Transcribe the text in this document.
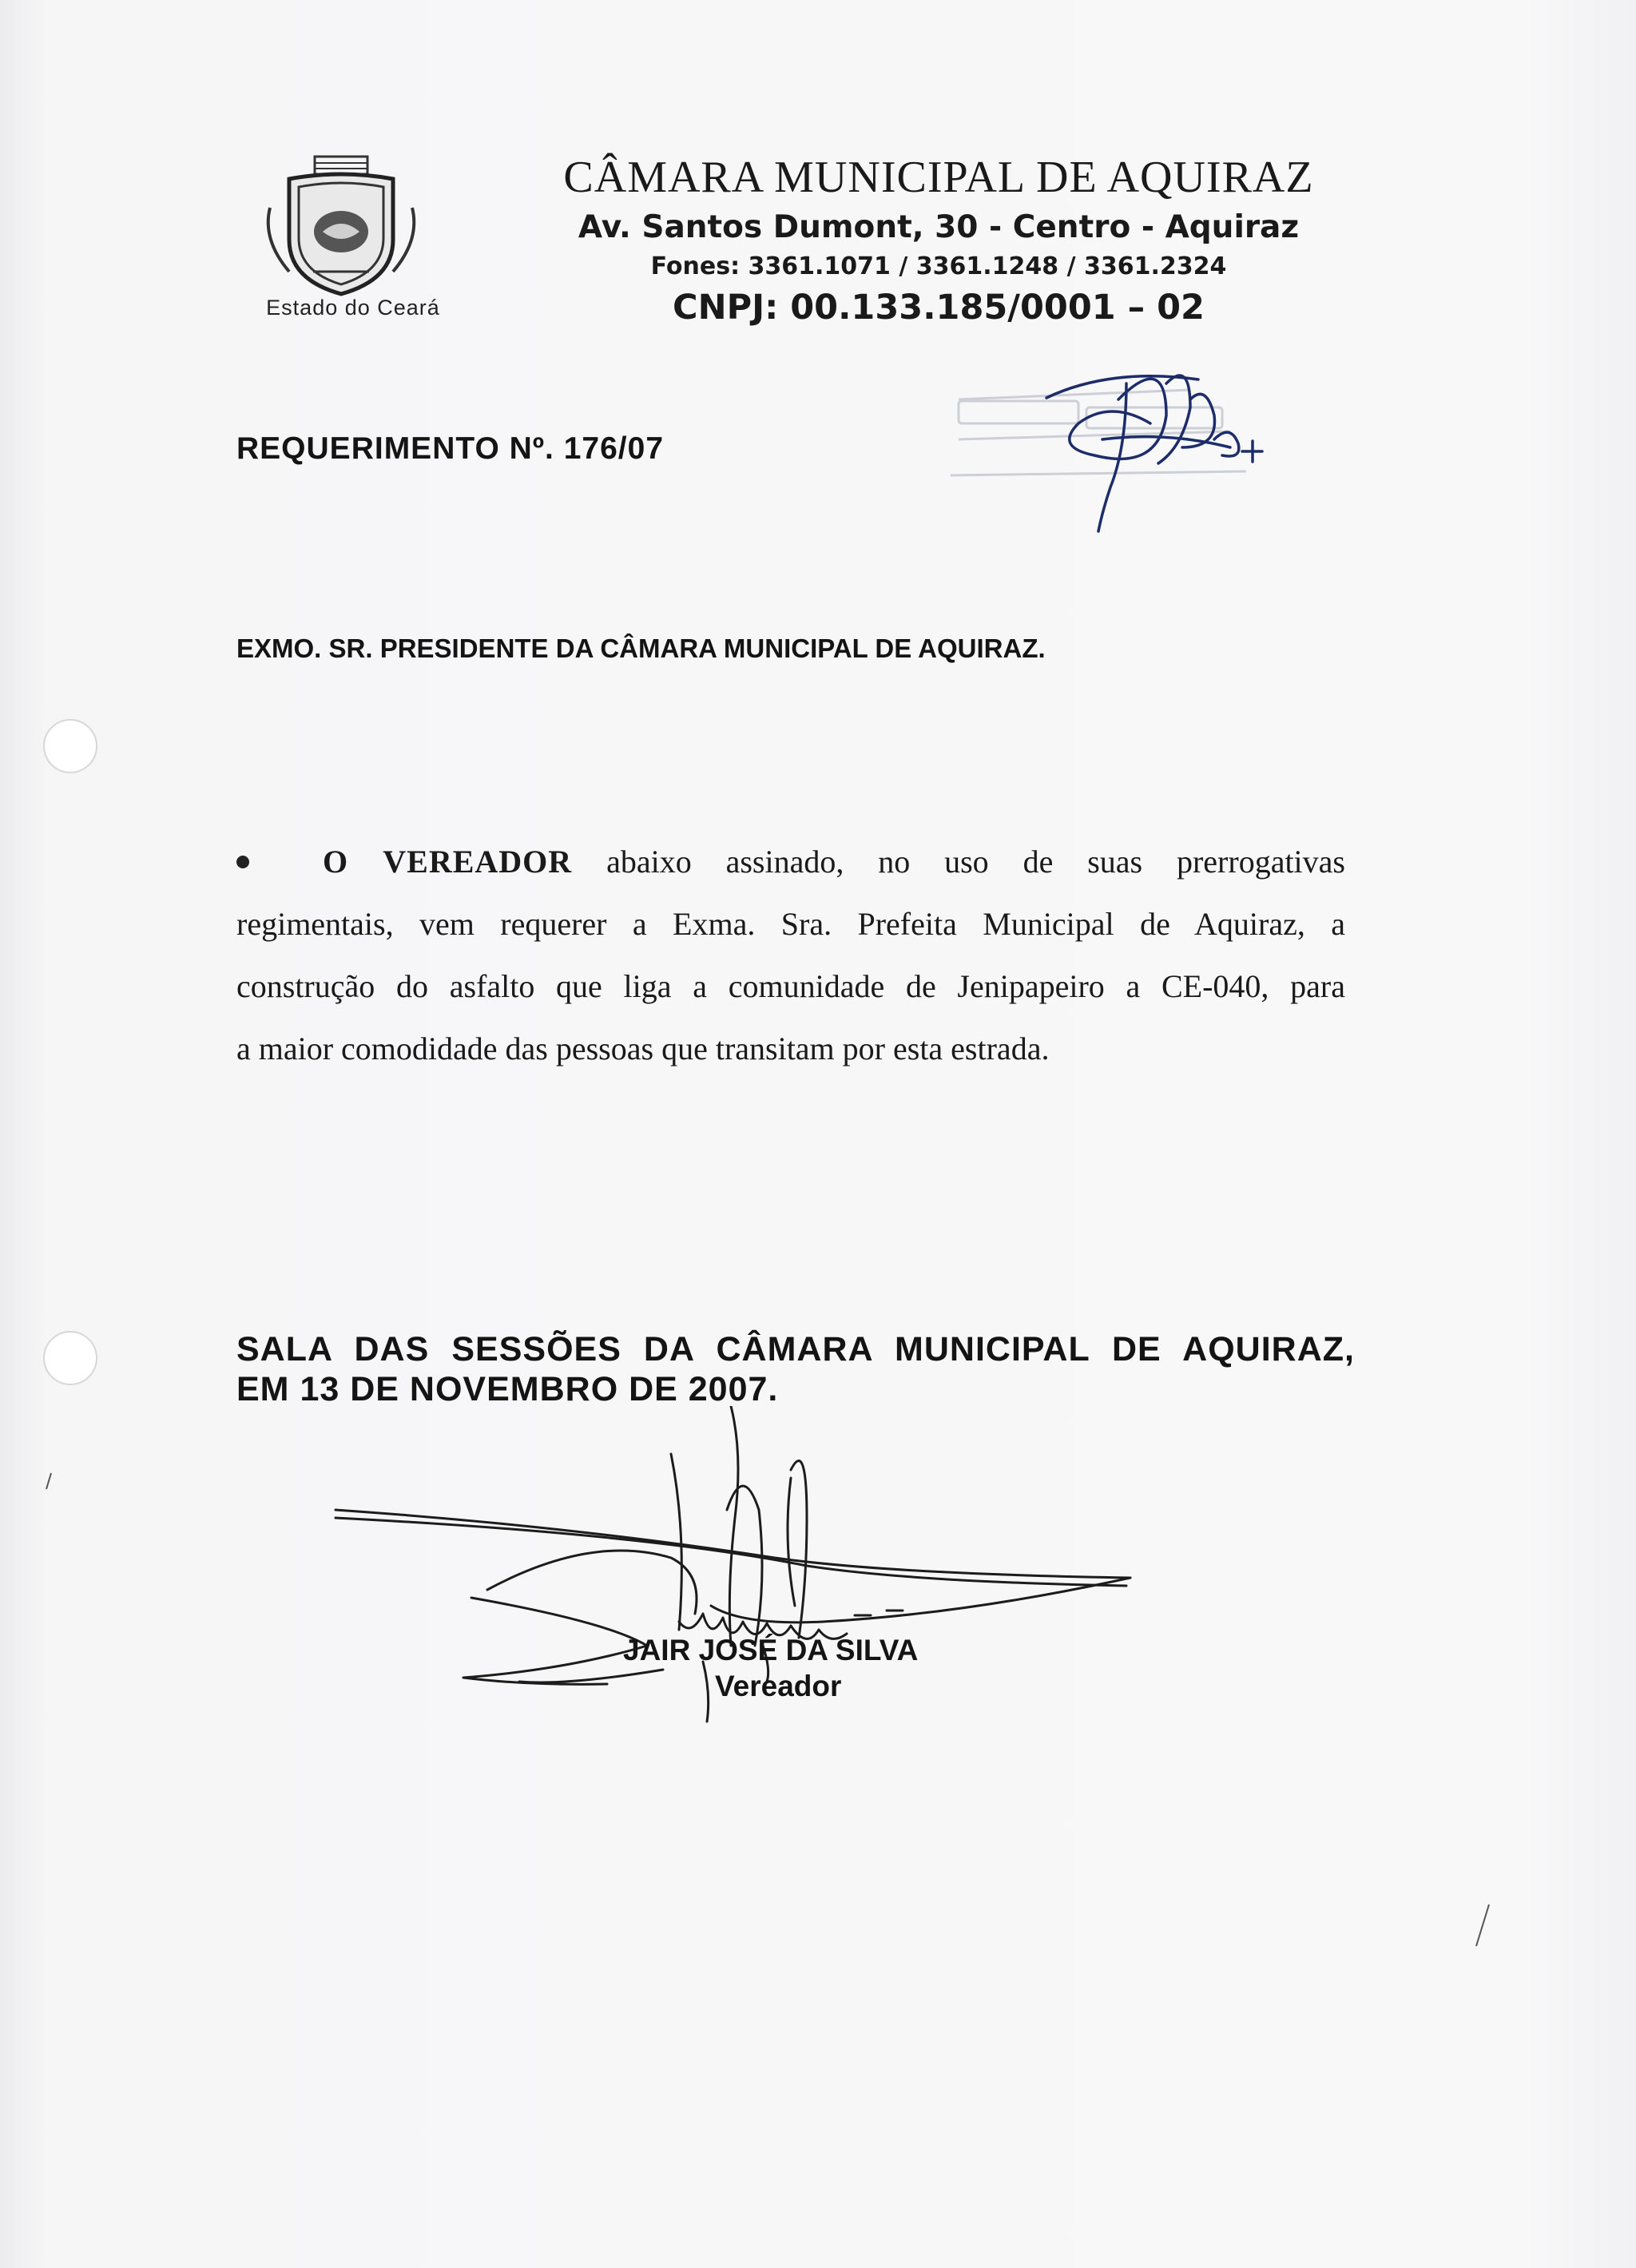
Estado do Ceará
CÂMARA MUNICIPAL DE AQUIRAZ
Av. Santos Dumont, 30 - Centro - Aquiraz
Fones: 3361.1071 / 3361.1248 / 3361.2324
CNPJ: 00.133.185/0001 – 02
REQUERIMENTO Nº. 176/07
EXMO. SR. PRESIDENTE DA CÂMARA MUNICIPAL DE AQUIRAZ.
O VEREADOR abaixo assinado, no uso de suas prerrogativas
regimentais, vem requerer a Exma. Sra. Prefeita Municipal de Aquiraz, a
construção do asfalto que liga a comunidade de Jenipapeiro a CE-040, para
a maior comodidade das pessoas que transitam por esta estrada.
SALA DAS SESSÕES DA CÂMARA MUNICIPAL DE AQUIRAZ,
EM 13 DE NOVEMBRO DE 2007.
JAIR JOSÉ DA SILVA
Vereador
